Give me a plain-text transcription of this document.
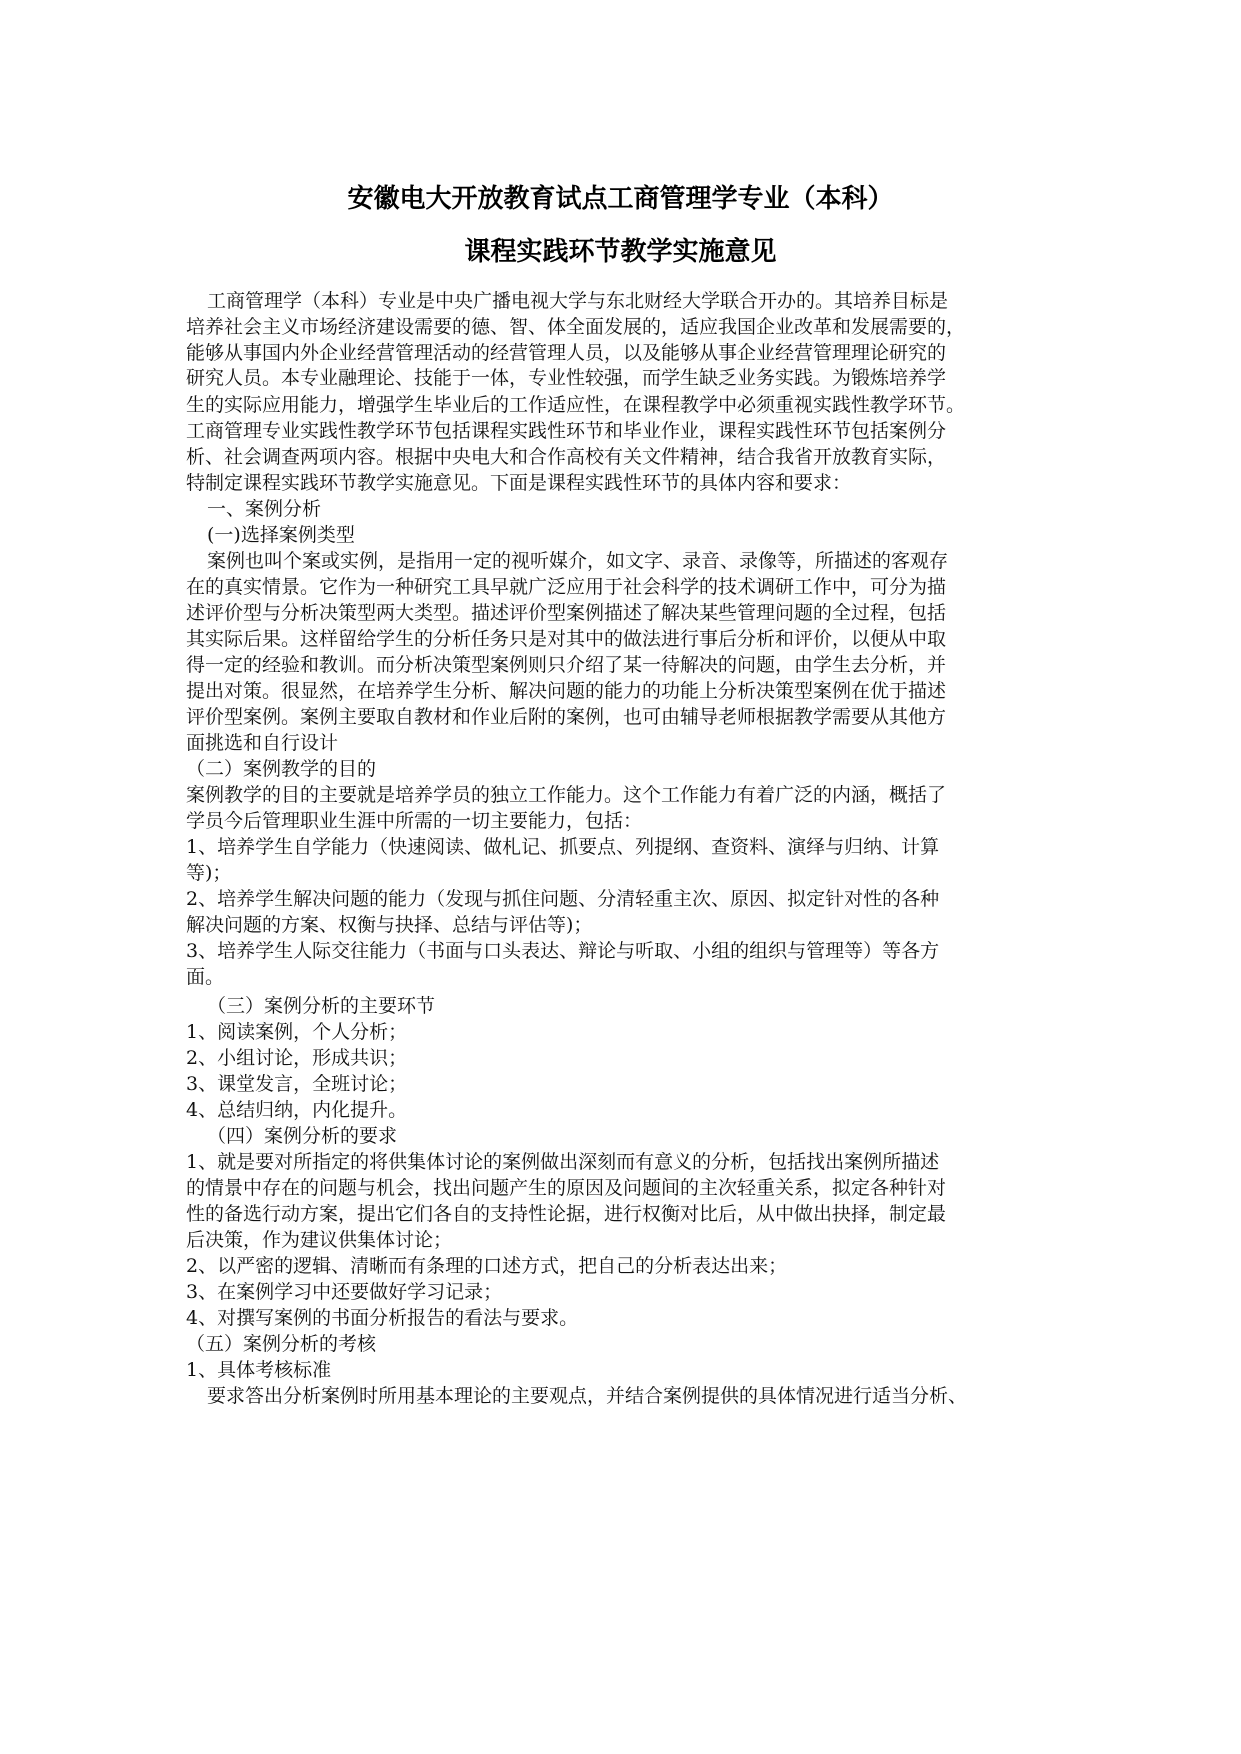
安徽电大开放教育试点工商管理学专业（本科）
课程实践环节教学实施意见
工商管理学（本科）专业是中央广播电视大学与东北财经大学联合开办的。其培养目标是
培养社会主义市场经济建设需要的德、智、体全面发展的，适应我国企业改革和发展需要的，
能够从事国内外企业经营管理活动的经营管理人员，以及能够从事企业经营管理理论研究的
研究人员。本专业融理论、技能于一体，专业性较强，而学生缺乏业务实践。为锻炼培养学
生的实际应用能力，增强学生毕业后的工作适应性，在课程教学中必须重视实践性教学环节。
工商管理专业实践性教学环节包括课程实践性环节和毕业作业，课程实践性环节包括案例分
析、社会调查两项内容。根据中央电大和合作高校有关文件精神，结合我省开放教育实际，
特制定课程实践环节教学实施意见。下面是课程实践性环节的具体内容和要求：
一、案例分析
(一)选择案例类型
案例也叫个案或实例，是指用一定的视听媒介，如文字、录音、录像等，所描述的客观存
在的真实情景。它作为一种研究工具早就广泛应用于社会科学的技术调研工作中，可分为描
述评价型与分析决策型两大类型。描述评价型案例描述了解决某些管理问题的全过程，包括
其实际后果。这样留给学生的分析任务只是对其中的做法进行事后分析和评价，以便从中取
得一定的经验和教训。而分析决策型案例则只介绍了某一待解决的问题，由学生去分析，并
提出对策。很显然，在培养学生分析、解决问题的能力的功能上分析决策型案例在优于描述
评价型案例。案例主要取自教材和作业后附的案例，也可由辅导老师根据教学需要从其他方
面挑选和自行设计
（二）案例教学的目的
案例教学的目的主要就是培养学员的独立工作能力。这个工作能力有着广泛的内涵，概括了
学员今后管理职业生涯中所需的一切主要能力，包括：
1、培养学生自学能力（快速阅读、做札记、抓要点、列提纲、查资料、演绎与归纳、计算
等)；
2、培养学生解决问题的能力（发现与抓住问题、分清轻重主次、原因、拟定针对性的各种
解决问题的方案、权衡与抉择、总结与评估等)；
3、培养学生人际交往能力（书面与口头表达、辩论与听取、小组的组织与管理等）等各方
面。
（三）案例分析的主要环节
1、阅读案例，个人分析；
2、小组讨论，形成共识；
3、课堂发言，全班讨论；
4、总结归纳，内化提升。
（四）案例分析的要求
1、就是要对所指定的将供集体讨论的案例做出深刻而有意义的分析，包括找出案例所描述
的情景中存在的问题与机会，找出问题产生的原因及问题间的主次轻重关系，拟定各种针对
性的备选行动方案，提出它们各自的支持性论据，进行权衡对比后，从中做出抉择，制定最
后决策，作为建议供集体讨论；
2、以严密的逻辑、清晰而有条理的口述方式，把自己的分析表达出来；
3、在案例学习中还要做好学习记录；
4、对撰写案例的书面分析报告的看法与要求。
（五）案例分析的考核
1、具体考核标准
要求答出分析案例时所用基本理论的主要观点，并结合案例提供的具体情况进行适当分析、
